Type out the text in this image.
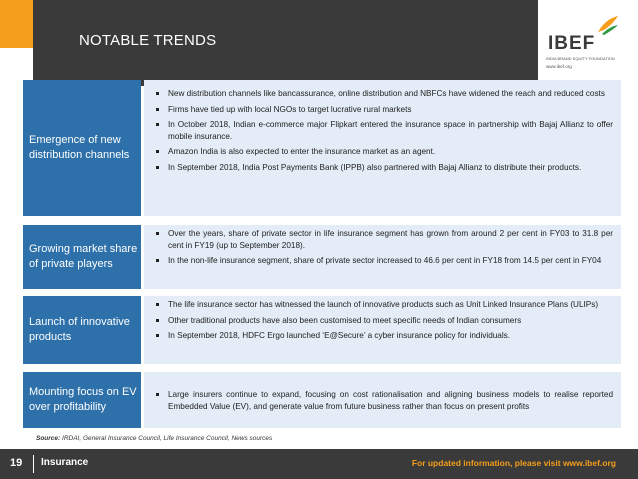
NOTABLE TRENDS	IBEF
INDIA BRAND EQUITY FOUNDATION
www.ibef.org
Emergence of new distribution channels
New distribution channels like bancassurance, online distribution and NBFCs have widened the reach and reduced costs
Firms have tied up with local NGOs to target lucrative rural markets
In October 2018, Indian e-commerce major Flipkart entered the insurance space in partnership with Bajaj Allianz to offer mobile insurance.
Amazon India is also expected to enter the insurance market as an agent.
In September 2018, India Post Payments Bank (IPPB) also partnered with Bajaj Allianz to distribute their products.
Growing market share of private players
Over the years, share of private sector in life insurance segment has grown from around 2 per cent in FY03 to 31.8 per cent in FY19 (up to September 2018).
In the non-life insurance segment, share of private sector increased to 46.6 per cent in FY18 from 14.5 per cent in FY04
Launch of innovative products
The life insurance sector has witnessed the launch of innovative products such as Unit Linked Insurance Plans (ULIPs)
Other traditional products have also been customised to meet specific needs of Indian consumers
In September 2018, HDFC Ergo launched ‘E@Secure’ a cyber insurance policy for individuals.
Mounting focus on EV over profitability
Large insurers continue to expand, focusing on cost rationalisation and aligning business models to realise reported Embedded Value (EV), and generate value from future business rather than focus on present profits
Source: IRDAI, General Insurance Council, Life Insurance Council, News sources
19 Insurance	For updated information, please visit www.ibef.org
